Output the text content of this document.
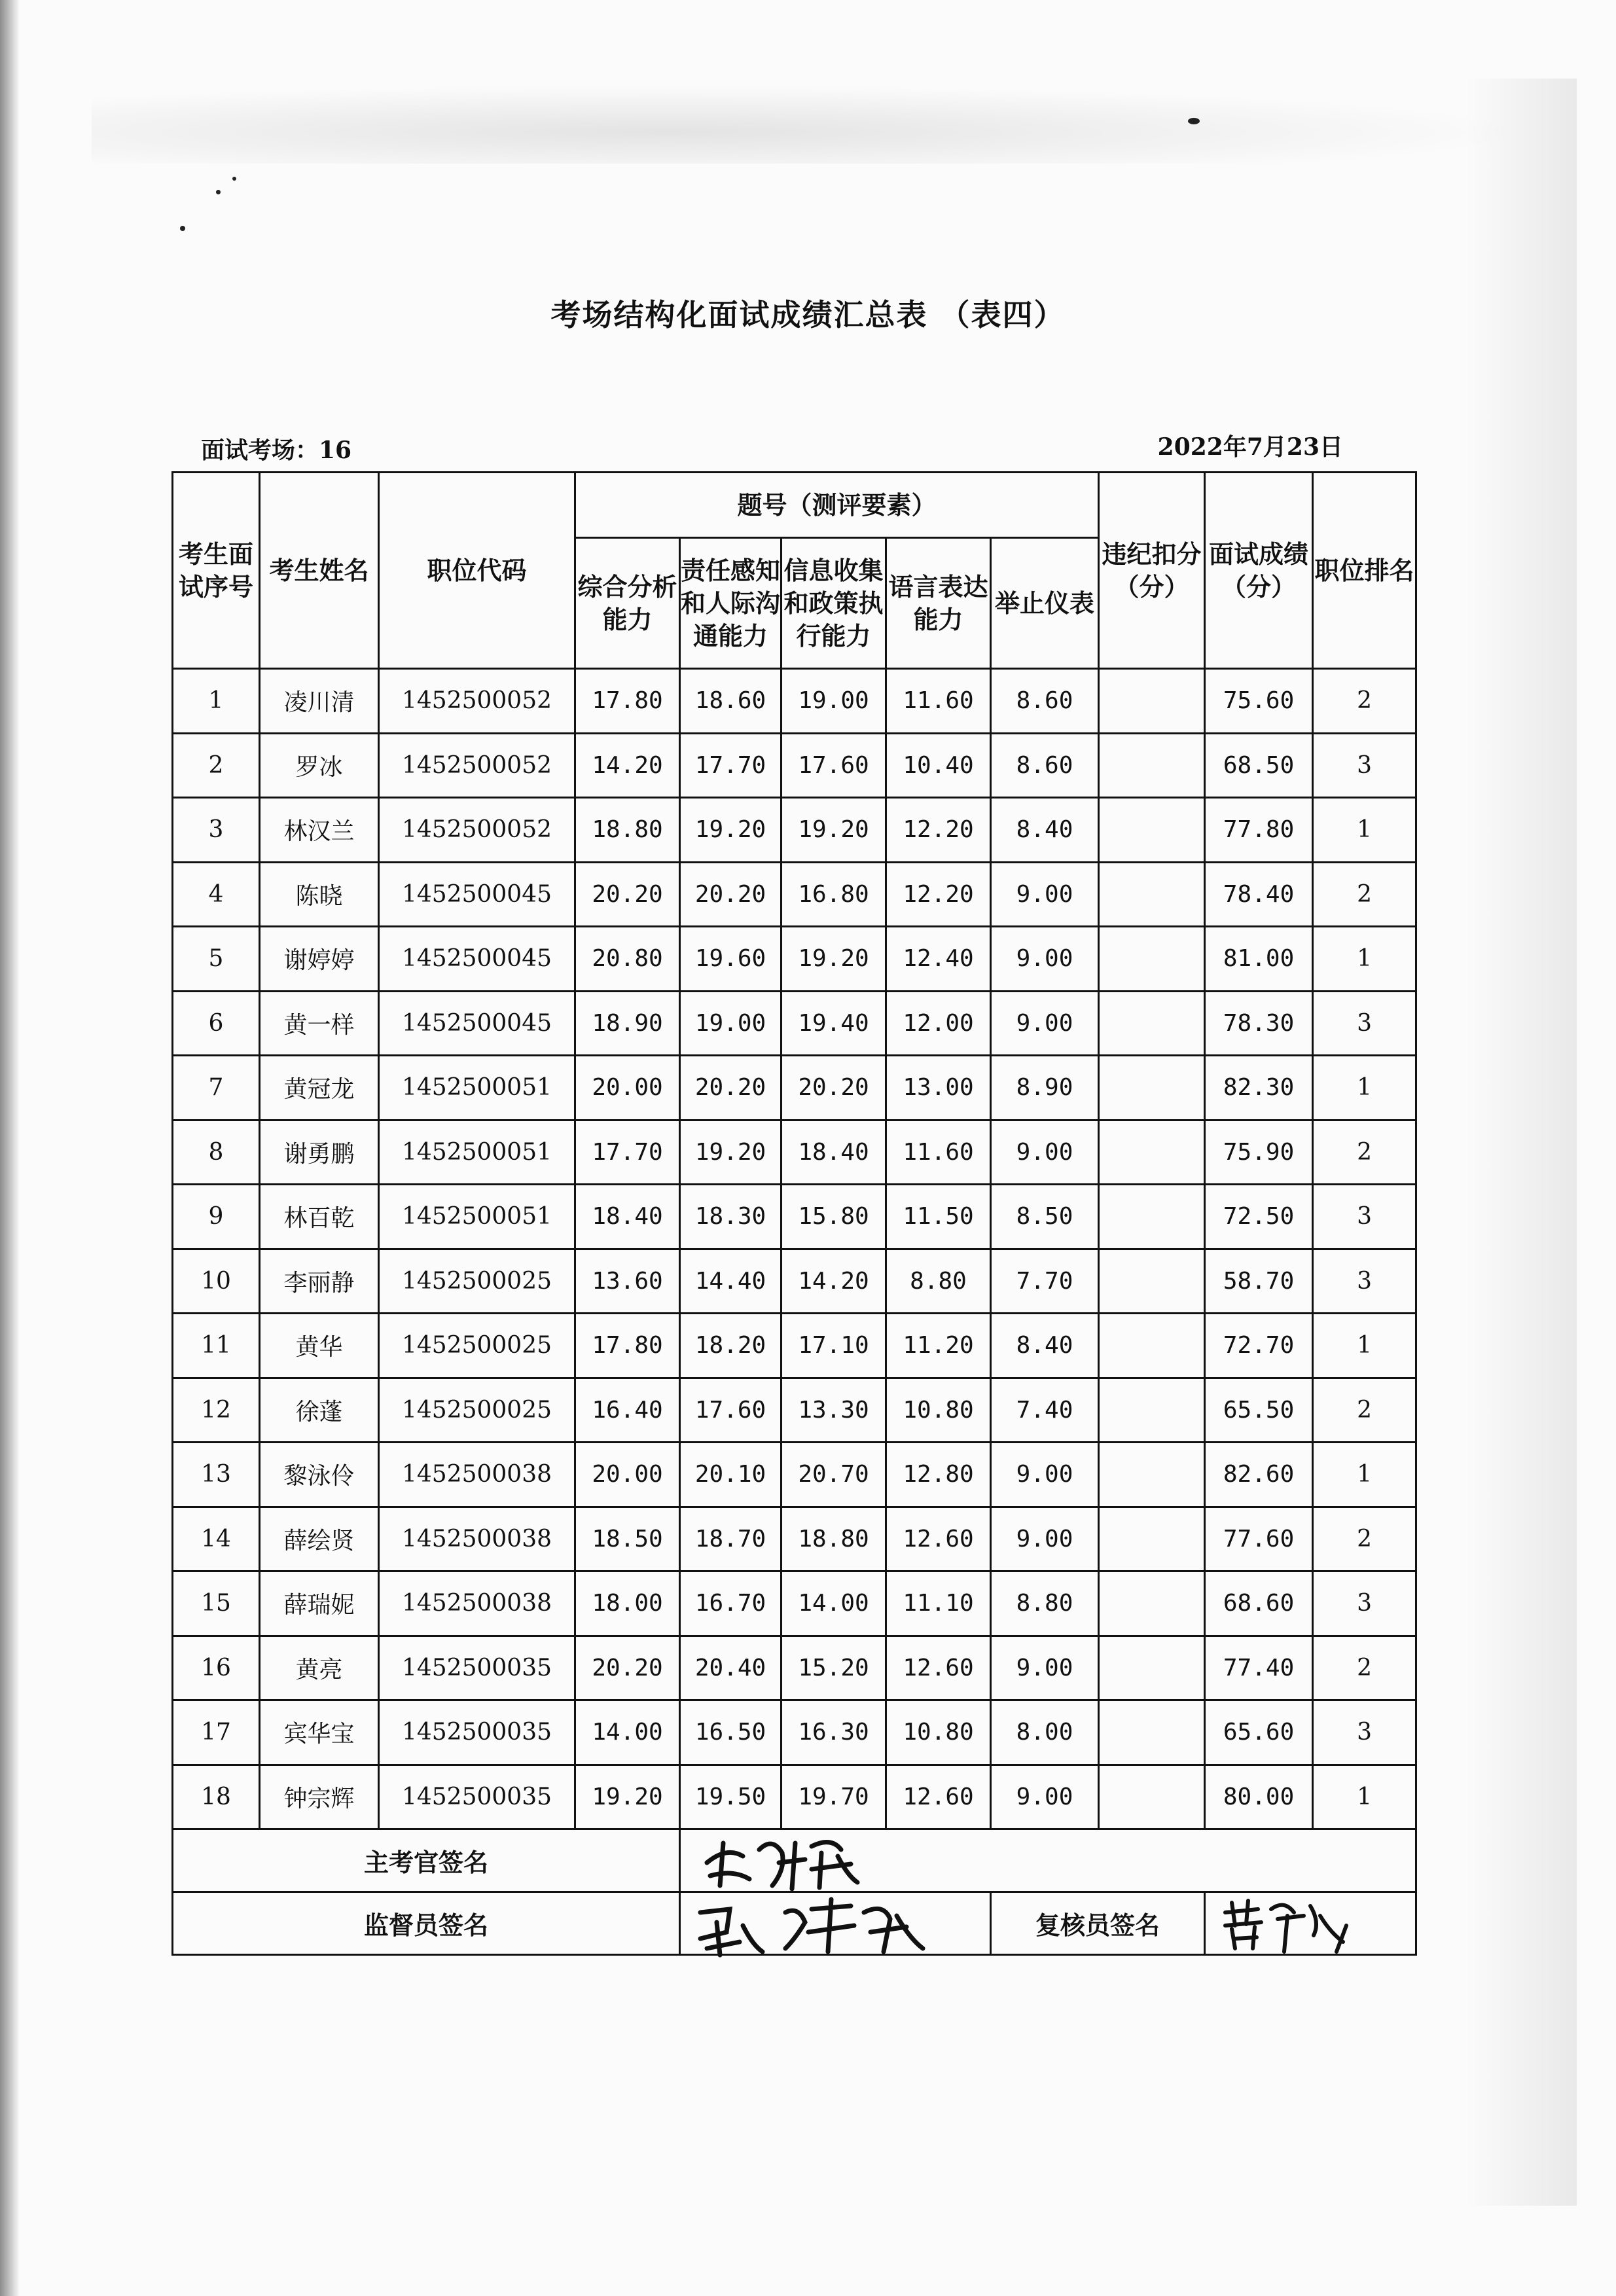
考场结构化面试成绩汇总表 （表四）
面试考场：16	2022年7月23日
考生面试序号	考生姓名	职位代码	题号（测评要素）					违纪扣分（分）	面试成绩（分）	职位排名
			综合分析能力	责任感知和人际沟通能力	信息收集和政策执行能力	语言表达能力	举止仪表			
1	凌川清	1452500052	17.80	18.60	19.00	11.60	8.60		75.60	2
2	罗冰	1452500052	14.20	17.70	17.60	10.40	8.60		68.50	3
3	林汉兰	1452500052	18.80	19.20	19.20	12.20	8.40		77.80	1
4	陈晓	1452500045	20.20	20.20	16.80	12.20	9.00		78.40	2
5	谢婷婷	1452500045	20.80	19.60	19.20	12.40	9.00		81.00	1
6	黄一样	1452500045	18.90	19.00	19.40	12.00	9.00		78.30	3
7	黄冠龙	1452500051	20.00	20.20	20.20	13.00	8.90		82.30	1
8	谢勇鹏	1452500051	17.70	19.20	18.40	11.60	9.00		75.90	2
9	林百乾	1452500051	18.40	18.30	15.80	11.50	8.50		72.50	3
10	李丽静	1452500025	13.60	14.40	14.20	8.80	7.70		58.70	3
11	黄华	1452500025	17.80	18.20	17.10	11.20	8.40		72.70	1
12	徐蓬	1452500025	16.40	17.60	13.30	10.80	7.40		65.50	2
13	黎泳伶	1452500038	20.00	20.10	20.70	12.80	9.00		82.60	1
14	薛绘贤	1452500038	18.50	18.70	18.80	12.60	9.00		77.60	2
15	薛瑞妮	1452500038	18.00	16.70	14.00	11.10	8.80		68.60	3
16	黄亮	1452500035	20.20	20.40	15.20	12.60	9.00		77.40	2
17	宾华宝	1452500035	14.00	16.50	16.30	10.80	8.00		65.60	3
18	钟宗辉	1452500035	19.20	19.50	19.70	12.60	9.00		80.00	1
主考官签名	

监督员签名							复核员签名	
